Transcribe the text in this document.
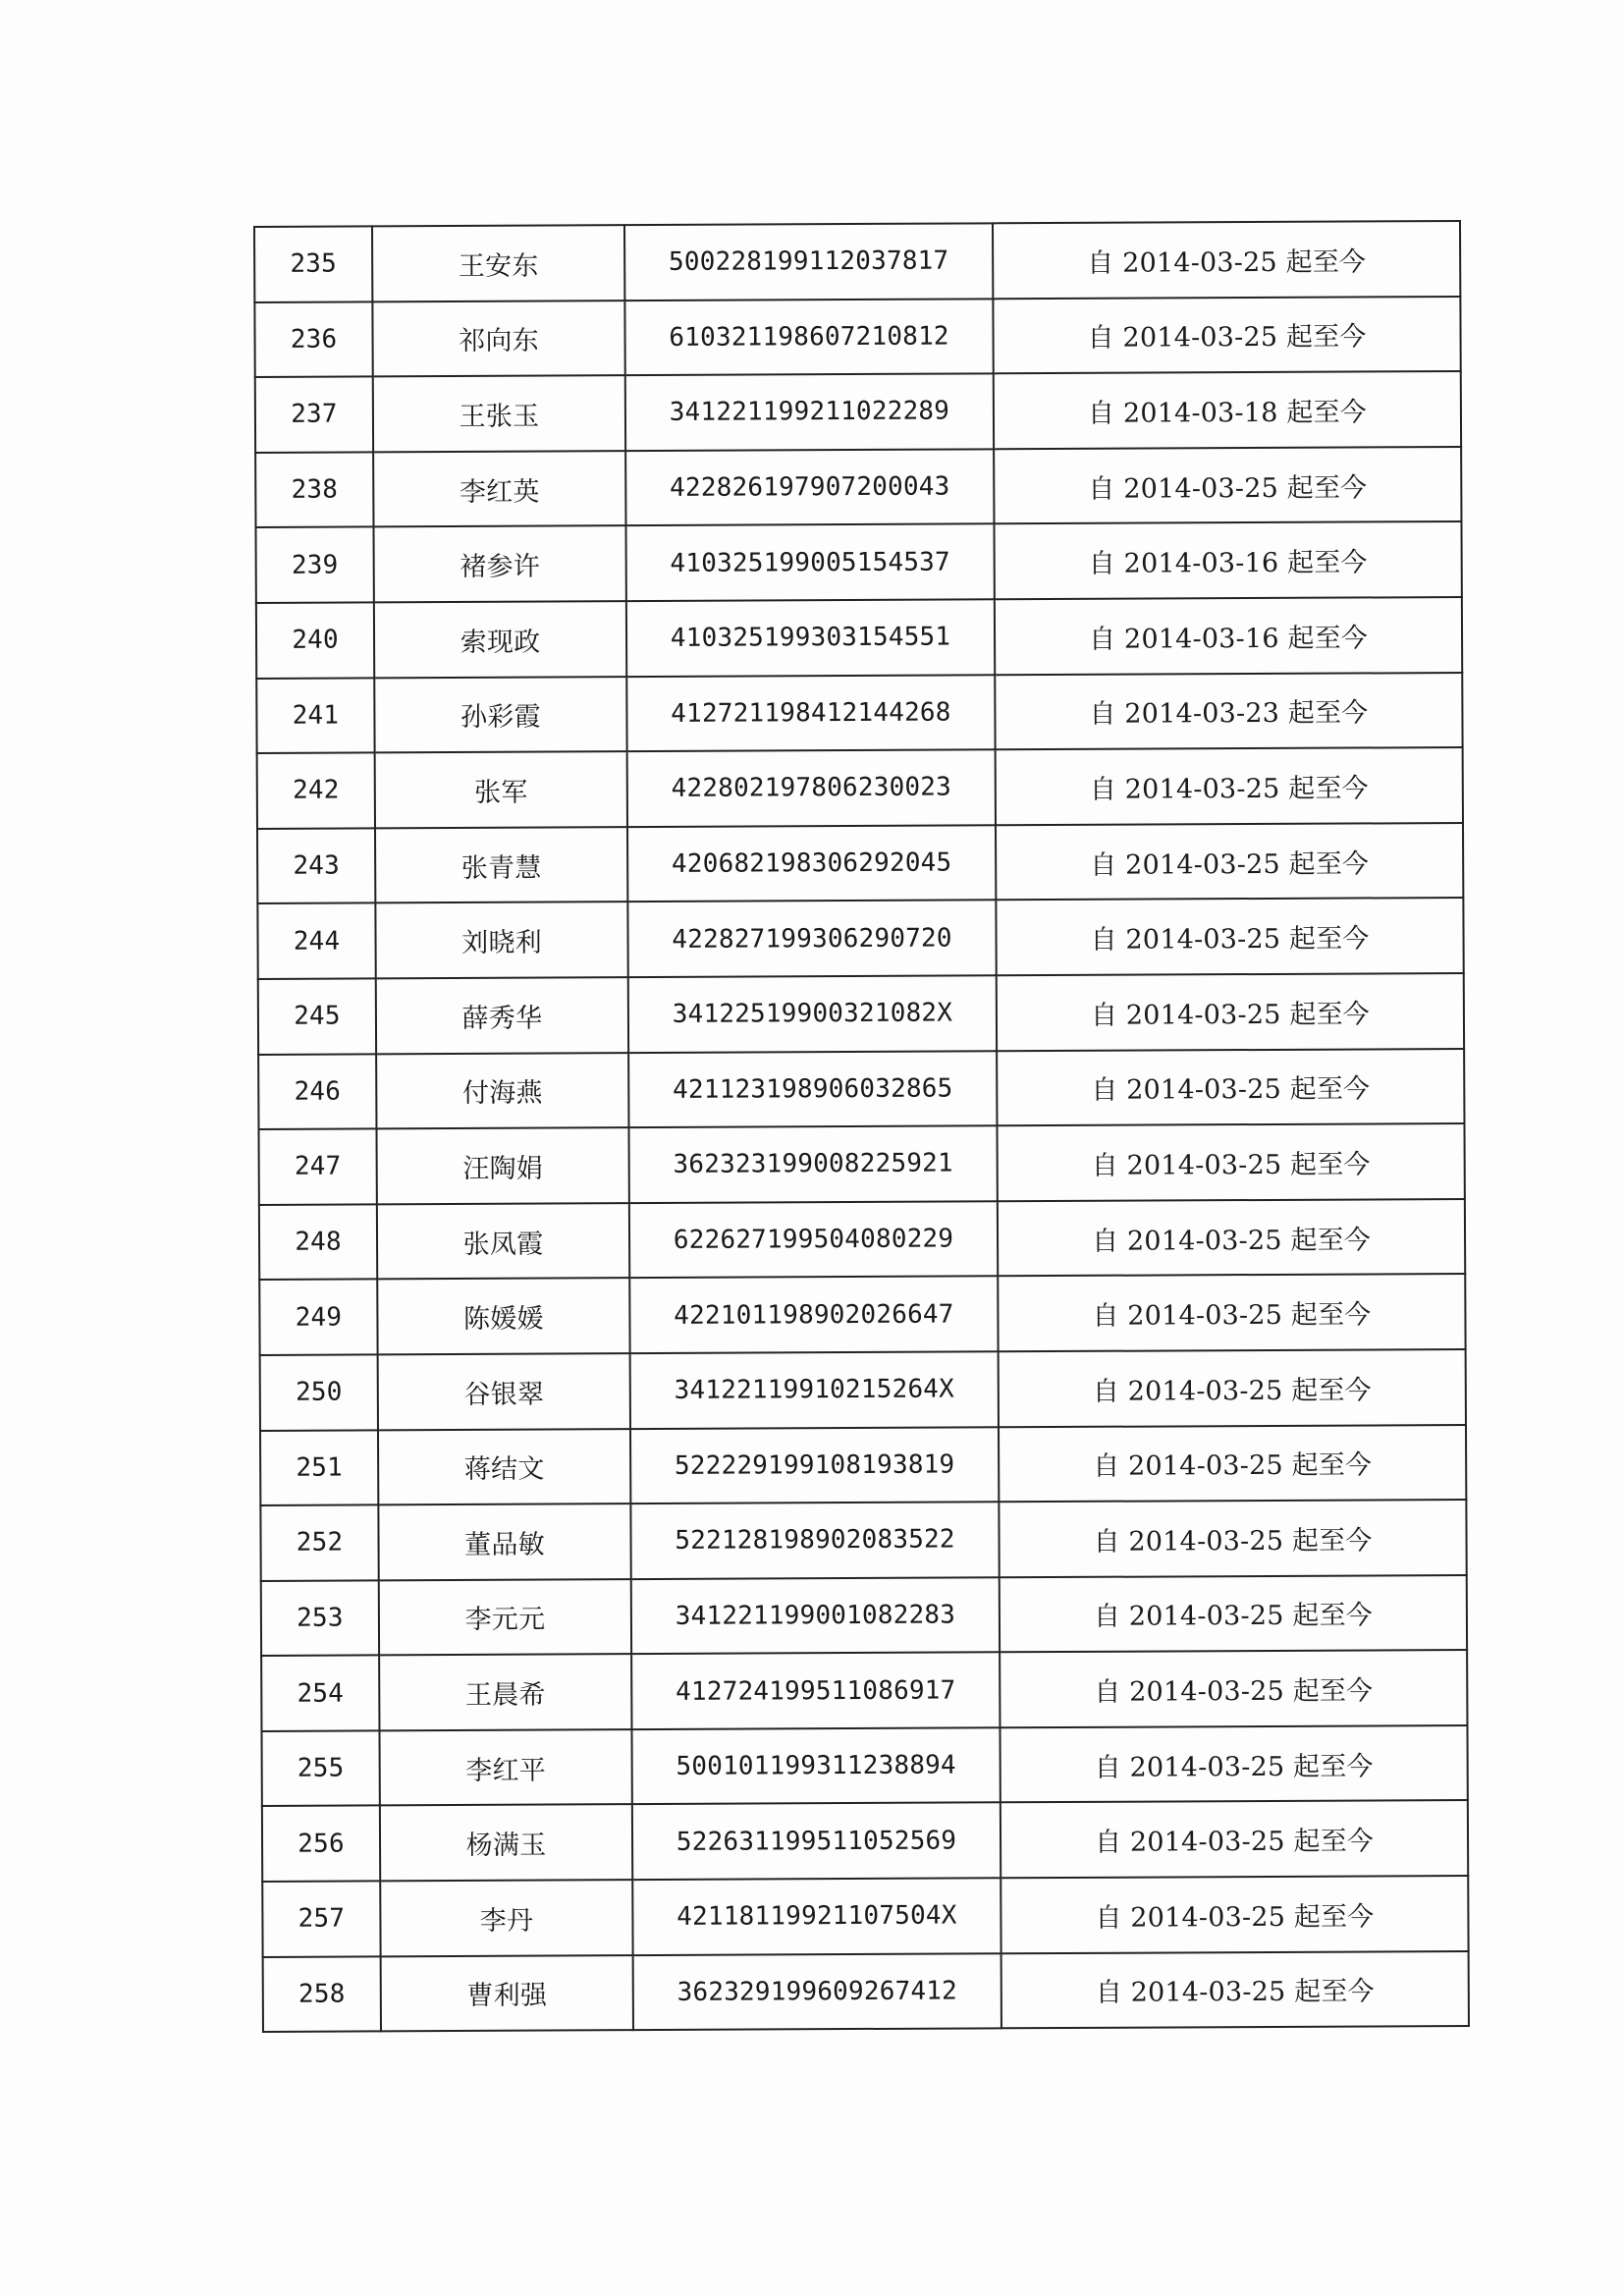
235	王安东	500228199112037817	自 2014-03-25 起至今
236	祁向东	610321198607210812	自 2014-03-25 起至今
237	王张玉	341221199211022289	自 2014-03-18 起至今
238	李红英	422826197907200043	自 2014-03-25 起至今
239	褚参许	410325199005154537	自 2014-03-16 起至今
240	索现政	410325199303154551	自 2014-03-16 起至今
241	孙彩霞	412721198412144268	自 2014-03-23 起至今
242	张军	422802197806230023	自 2014-03-25 起至今
243	张青慧	420682198306292045	自 2014-03-25 起至今
244	刘晓利	422827199306290720	自 2014-03-25 起至今
245	薛秀华	34122519900321082X	自 2014-03-25 起至今
246	付海燕	421123198906032865	自 2014-03-25 起至今
247	汪陶娟	362323199008225921	自 2014-03-25 起至今
248	张凤霞	622627199504080229	自 2014-03-25 起至今
249	陈媛媛	422101198902026647	自 2014-03-25 起至今
250	谷银翠	34122119910215264X	自 2014-03-25 起至今
251	蒋结文	522229199108193819	自 2014-03-25 起至今
252	董品敏	522128198902083522	自 2014-03-25 起至今
253	李元元	341221199001082283	自 2014-03-25 起至今
254	王晨希	412724199511086917	自 2014-03-25 起至今
255	李红平	500101199311238894	自 2014-03-25 起至今
256	杨满玉	522631199511052569	自 2014-03-25 起至今
257	李丹	42118119921107504X	自 2014-03-25 起至今
258	曹利强	362329199609267412	自 2014-03-25 起至今
